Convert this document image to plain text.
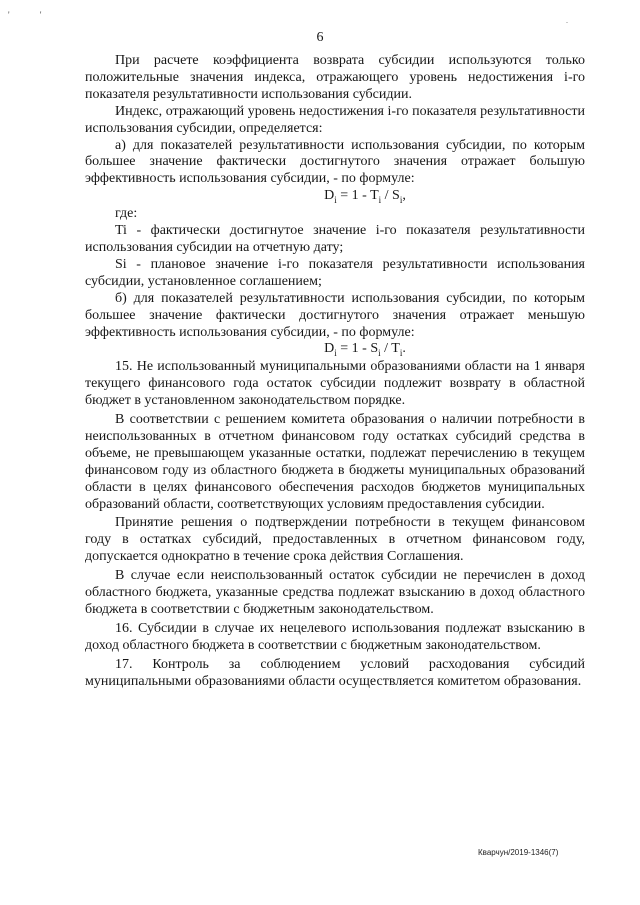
' '
.
6

При расчете коэффициента возврата субсидии используются только положительные значения индекса, отражающего уровень недостижения i-го показателя результативности использования субсидии.

Индекс, отражающий уровень недостижения i-го показателя результативности использования субсидии, определяется:

а) для показателей результативности использования субсидии, по которым большее значение фактически достигнутого значения отражает большую эффективность использования субсидии, - по формуле:

$D_i = 1 - T_i / S_i$,

где:

Ti - фактически достигнутое значение i-го показателя результативности использования субсидии на отчетную дату;

Si - плановое значение i-го показателя результативности использования субсидии, установленное соглашением;

б) для показателей результативности использования субсидии, по которым большее значение фактически достигнутого значения отражает меньшую эффективность использования субсидии, - по формуле:

$D_i = 1 - S_i / T_i$.

15. Не использованный муниципальными образованиями области на 1 января текущего финансового года остаток субсидии подлежит возврату в областной бюджет в установленном законодательством порядке.

В соответствии с решением комитета образования о наличии потребности в неиспользованных в отчетном финансовом году остатках субсидий средства в объеме, не превышающем указанные остатки, подлежат перечислению в текущем финансовом году из областного бюджета в бюджеты муниципальных образований области в целях финансового обеспечения расходов бюджетов муниципальных образований области, соответствующих условиям предоставления субсидии.

Принятие решения о подтверждении потребности в текущем финансовом году в остатках субсидий, предоставленных в отчетном финансовом году, допускается однократно в течение срока действия Соглашения.

В случае если неиспользованный остаток субсидии не перечислен в доход областного бюджета, указанные средства подлежат взысканию в доход областного бюджета в соответствии с бюджетным законодательством.

16. Субсидии в случае их нецелевого использования подлежат взысканию в доход областного бюджета в соответствии с бюджетным законодательством.

17. Контроль за соблюдением условий расходования субсидий муниципальными образованиями области осуществляется комитетом образования.

Кварчун/2019-1346(7)
